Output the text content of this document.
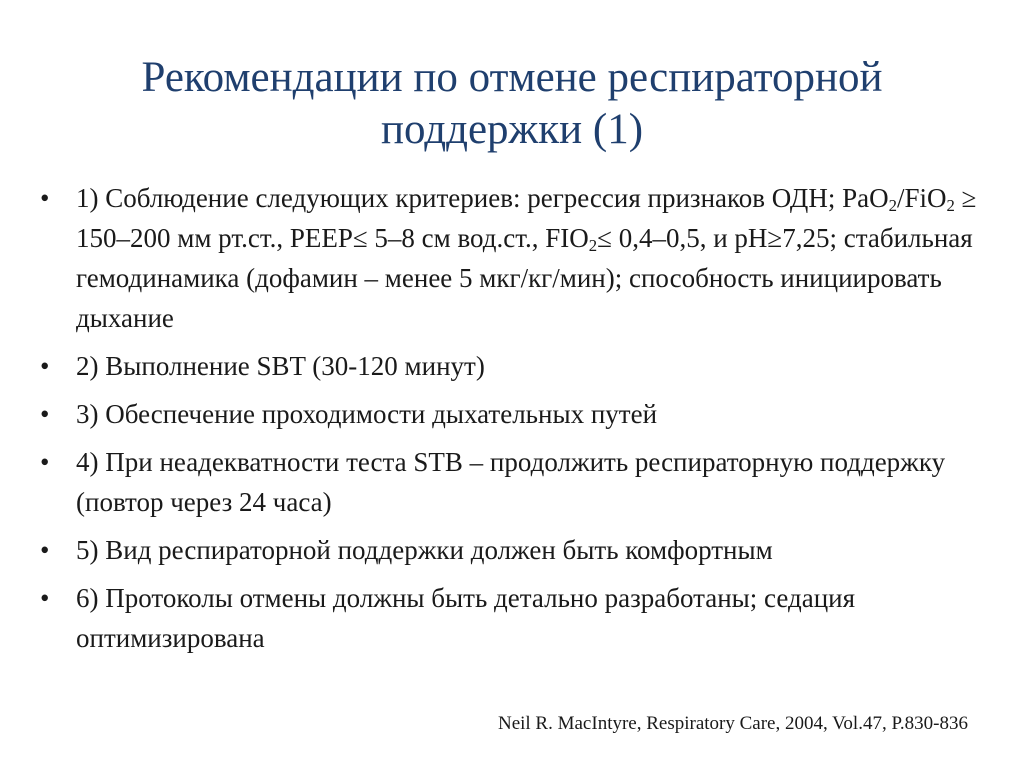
Рекомендации по отмене респираторной
поддержки (1)
• 1) Соблюдение следующих критериев: регрессия признаков ОДН; PaO$_2$/FiO$_2$ ≥ 150–200 мм рт.ст., PEEP≤ 5–8 см вод.ст., $FIO_2\le 0,4-0,5$, и pH≥7,25; стабильная гемодинамика (дофамин – менее 5 мкг/кг/мин); способность инициировать дыхание
• 2) Выполнение SBT (30-120 минут)
• 3) Обеспечение проходимости дыхательных путей
• 4) При неадекватности теста STB – продолжить респираторную поддержку (повтор через 24 часа)
• 5) Вид респираторной поддержки должен быть комфортным
• 6) Протоколы отмены должны быть детально разработаны; седация оптимизирована
Neil R. MacIntyre, Respiratory Care, 2004, Vol.47, P.830-836
